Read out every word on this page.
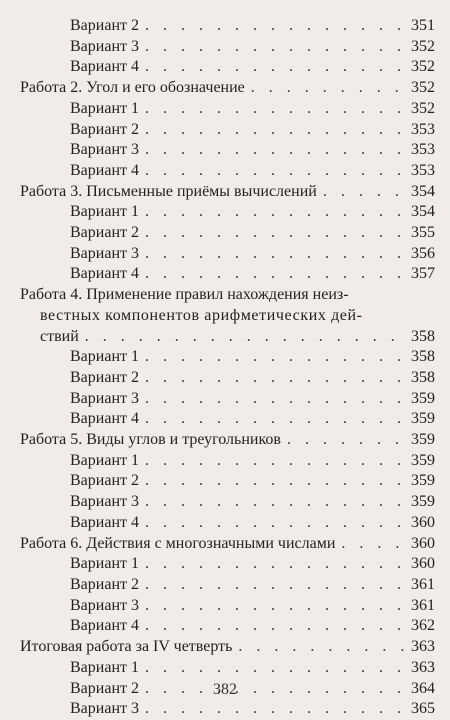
Вариант 2 . . .	351
Вариант 3 . . .	352
Вариант 4 . . .	352
Работа 2. Угол и его обозначение . . .	352
Вариант 1 . . .	352
Вариант 2 . . .	353
Вариант 3 . . .	353
Вариант 4 . . .	353
Работа 3. Письменные приёмы вычислений . . .	354
Вариант 1 . . .	354
Вариант 2 . . .	355
Вариант 3 . . .	356
Вариант 4 . . .	357
Работа 4. Применение правил нахождения неиз-
вестных компонентов арифметических дей-
ствий . . .	358
Вариант 1 . . .	358
Вариант 2 . . .	358
Вариант 3 . . .	359
Вариант 4 . . .	359
Работа 5. Виды углов и треугольников . . .	359
Вариант 1 . . .	359
Вариант 2 . . .	359
Вариант 3 . . .	359
Вариант 4 . . .	360
Работа 6. Действия с многозначными числами . . .	360
Вариант 1 . . .	360
Вариант 2 . . .	361
Вариант 3 . . .	361
Вариант 4 . . .	362
Итоговая работа за IV четверть . . .	363
Вариант 1 . . .	363
Вариант 2 . . .	364
Вариант 3 . . .	365
382
